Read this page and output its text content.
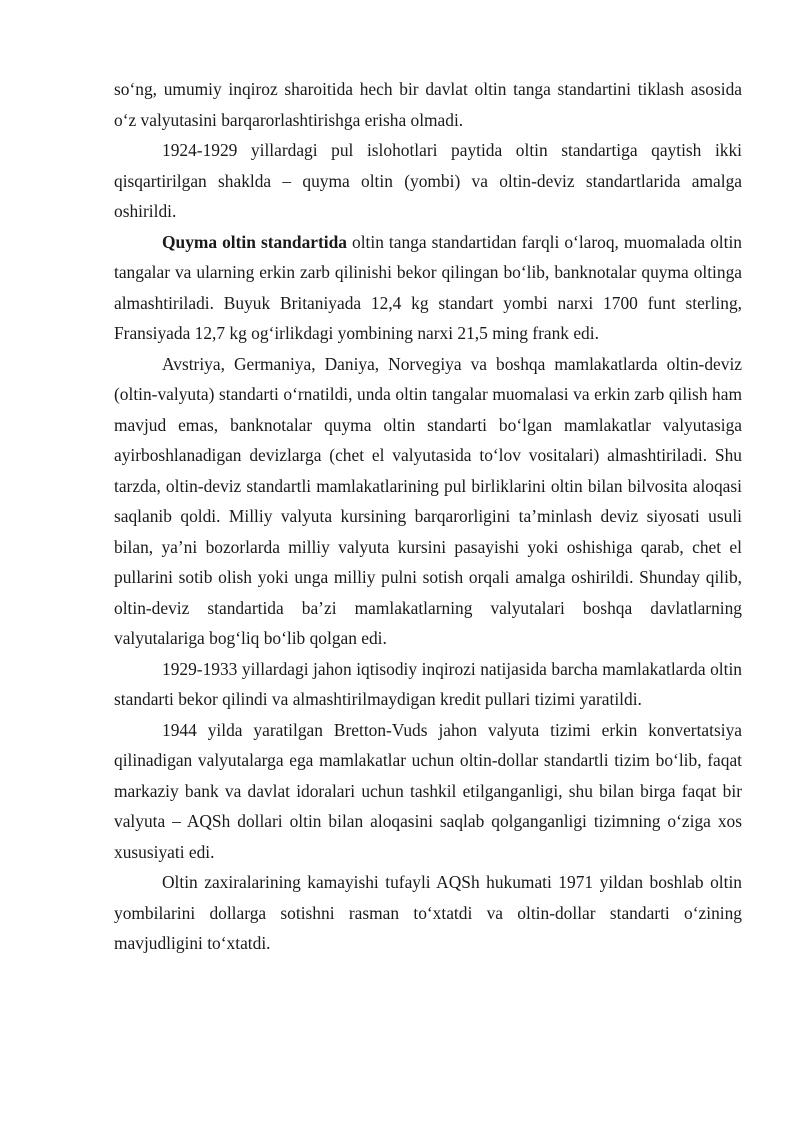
so‘ng, umumiy inqiroz sharoitida hech bir davlat oltin tanga standartini tiklash asosida o‘z valyutasini barqarorlashtirishga erisha olmadi.

1924-1929 yillardagi pul islohotlari paytida oltin standartiga qaytish ikki qisqartirilgan shaklda – quyma oltin (yombi) va oltin-deviz standartlarida amalga oshirildi.

Quyma oltin standartida oltin tanga standartidan farqli o‘laroq, muomalada oltin tangalar va ularning erkin zarb qilinishi bekor qilingan bo‘lib, banknotalar quyma oltinga almashtiriladi. Buyuk Britaniyada 12,4 kg standart yombi narxi 1700 funt sterling, Fransiyada 12,7 kg og‘irlikdagi yombining narxi 21,5 ming frank edi.

Avstriya, Germaniya, Daniya, Norvegiya va boshqa mamlakatlarda oltin-deviz (oltin-valyuta) standarti o‘rnatildi, unda oltin tangalar muomalasi va erkin zarb qilish ham mavjud emas, banknotalar quyma oltin standarti bo‘lgan mamlakatlar valyutasiga ayirboshlanadigan devizlarga (chet el valyutasida to‘lov vositalari) almashtiriladi. Shu tarzda, oltin-deviz standartli mamlakatlarining pul birliklarini oltin bilan bilvosita aloqasi saqlanib qoldi. Milliy valyuta kursining barqarorligini ta’minlash deviz siyosati usuli bilan, ya’ni bozorlarda milliy valyuta kursini pasayishi yoki oshishiga qarab, chet el pullarini sotib olish yoki unga milliy pulni sotish orqali amalga oshirildi. Shunday qilib, oltin-deviz standartida ba’zi mamlakatlarning valyutalari boshqa davlatlarning valyutalariga bog‘liq bo‘lib qolgan edi.

1929-1933 yillardagi jahon iqtisodiy inqirozi natijasida barcha mamlakatlarda oltin standarti bekor qilindi va almashtirilmaydigan kredit pullari tizimi yaratildi.

1944 yilda yaratilgan Bretton-Vuds jahon valyuta tizimi erkin konvertatsiya qilinadigan valyutalarga ega mamlakatlar uchun oltin-dollar standartli tizim bo‘lib, faqat markaziy bank va davlat idoralari uchun tashkil etilganganligi, shu bilan birga faqat bir valyuta – AQSh dollari oltin bilan aloqasini saqlab qolganganligi tizimning o‘ziga xos xususiyati edi.

Oltin zaxiralarining kamayishi tufayli AQSh hukumati 1971 yildan boshlab oltin yombilarini dollarga sotishni rasman to‘xtatdi va oltin-dollar standarti o‘zining mavjudligini to‘xtatdi.
